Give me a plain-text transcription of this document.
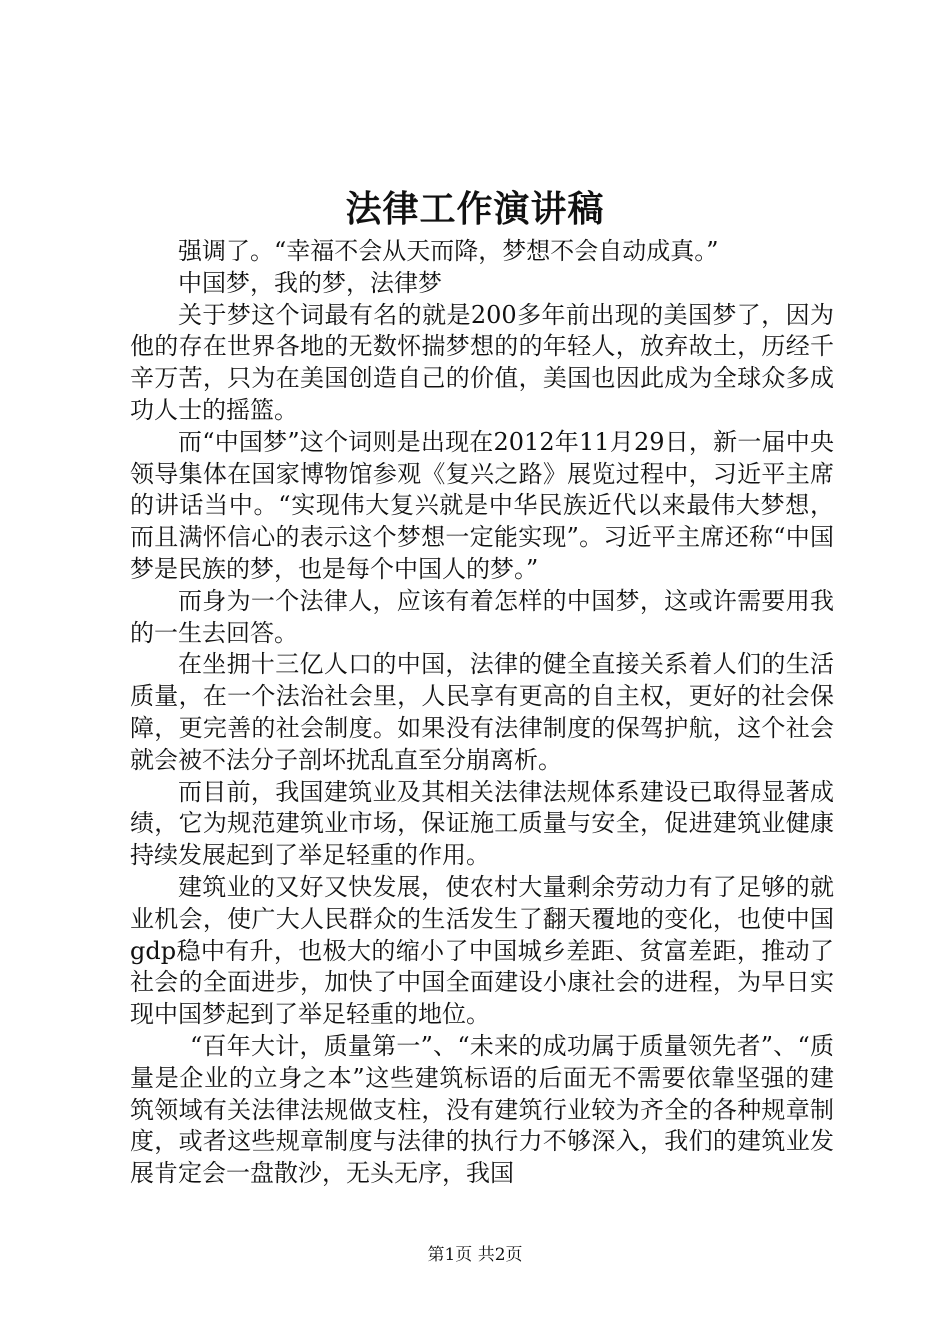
法律工作演讲稿

强调了。“幸福不会从天而降，梦想不会自动成真。”

中国梦，我的梦，法律梦

关于梦这个词最有名的就是200多年前出现的美国梦了，因为他的存在世界各地的无数怀揣梦想的的年轻人，放弃故土，历经千辛万苦，只为在美国创造自己的价值，美国也因此成为全球众多成功人士的摇篮。

而“中国梦”这个词则是出现在2012年11月29日，新一届中央领导集体在国家博物馆参观《复兴之路》展览过程中，习近平主席的讲话当中。“实现伟大复兴就是中华民族近代以来最伟大梦想，而且满怀信心的表示这个梦想一定能实现”。习近平主席还称“中国梦是民族的梦，也是每个中国人的梦。”

而身为一个法律人，应该有着怎样的中国梦，这或许需要用我的一生去回答。

在坐拥十三亿人口的中国，法律的健全直接关系着人们的生活质量，在一个法治社会里，人民享有更高的自主权，更好的社会保障，更完善的社会制度。如果没有法律制度的保驾护航，这个社会就会被不法分子剖坏扰乱直至分崩离析。

而目前，我国建筑业及其相关法律法规体系建设已取得显著成绩，它为规范建筑业市场，保证施工质量与安全，促进建筑业健康持续发展起到了举足轻重的作用。

建筑业的又好又快发展，使农村大量剩余劳动力有了足够的就业机会，使广大人民群众的生活发生了翻天覆地的变化，也使中国gdp稳中有升，也极大的缩小了中国城乡差距、贫富差距，推动了社会的全面进步，加快了中国全面建设小康社会的进程，为早日实现中国梦起到了举足轻重的地位。

“百年大计，质量第一”、“未来的成功属于质量领先者”、“质量是企业的立身之本”这些建筑标语的后面无不需要依靠坚强的建筑领域有关法律法规做支柱，没有建筑行业较为齐全的各种规章制度，或者这些规章制度与法律的执行力不够深入，我们的建筑业发展肯定会一盘散沙，无头无序，我国

第1页 共2页
